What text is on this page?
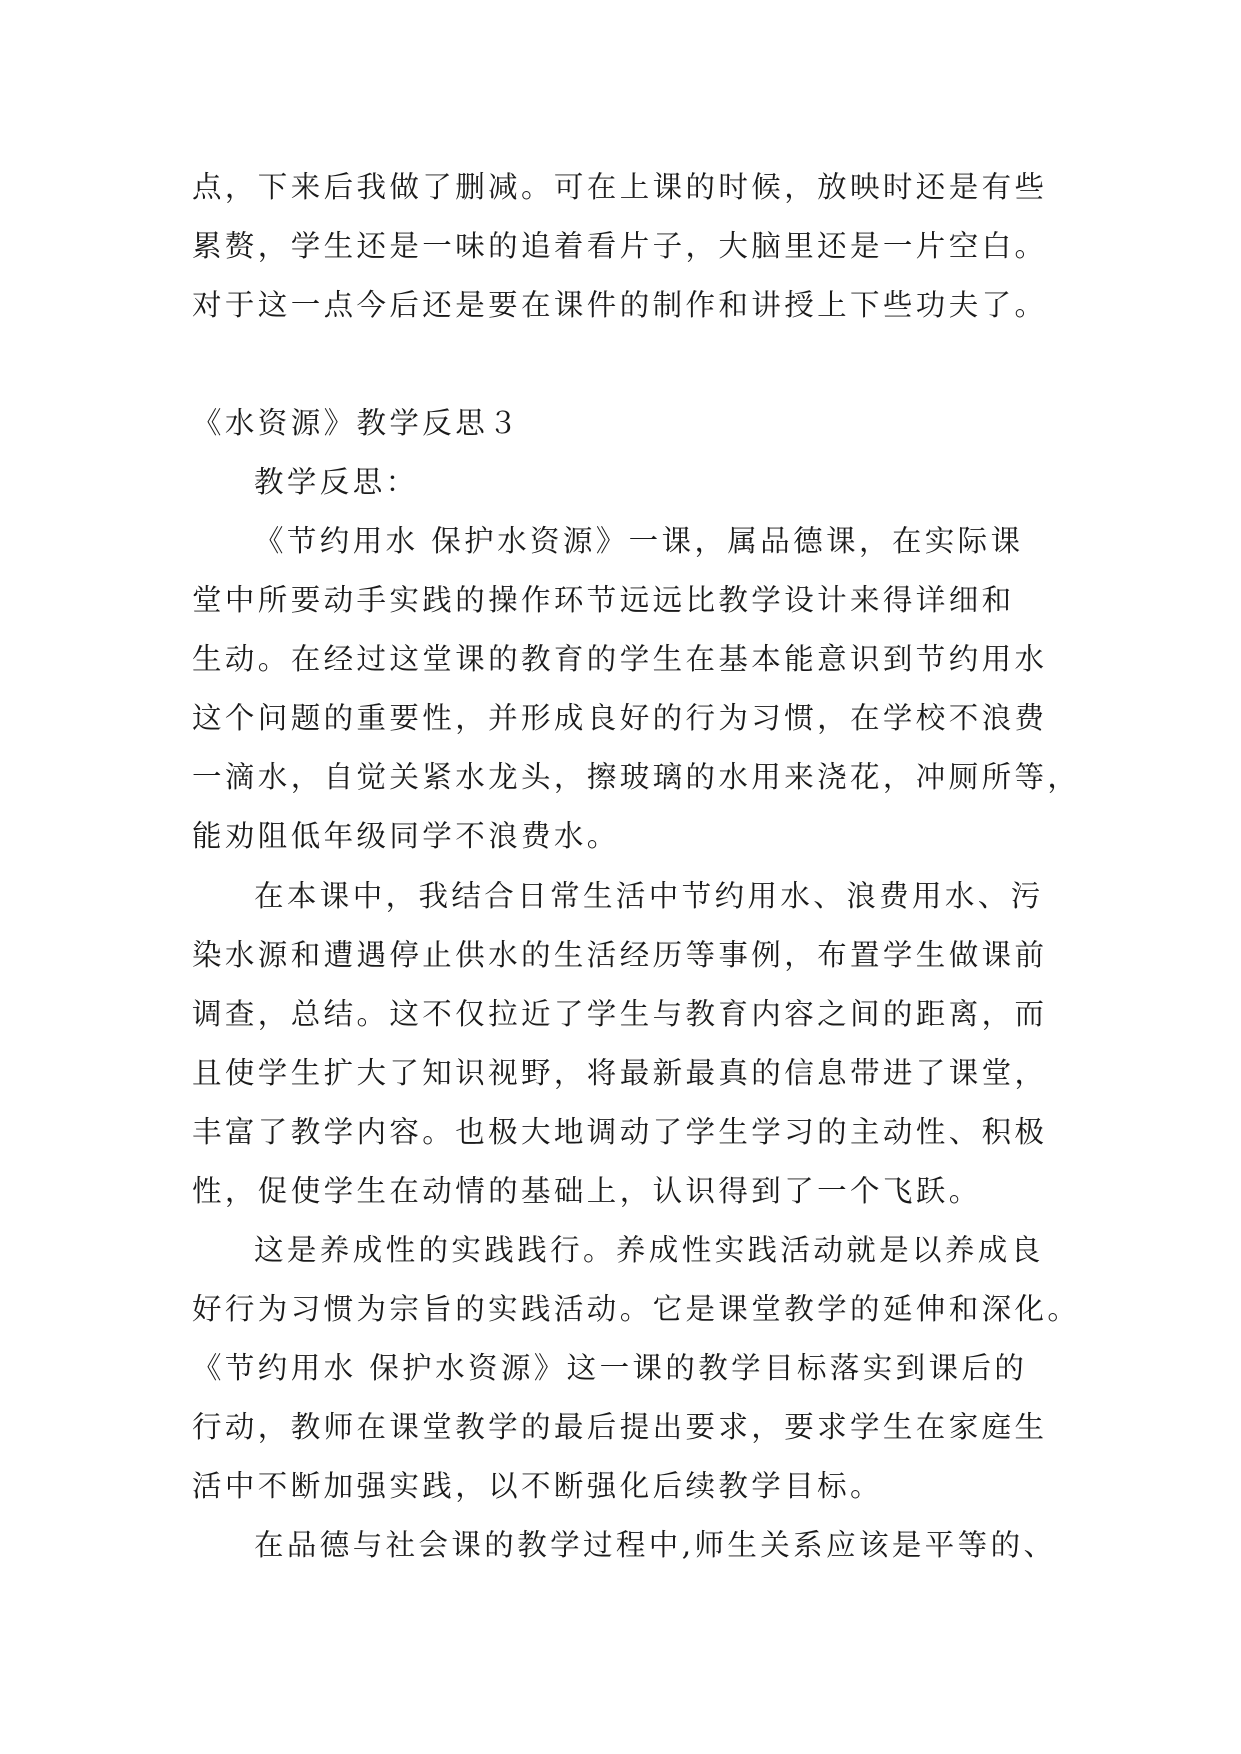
点，下来后我做了删减。可在上课的时候，放映时还是有些
累赘，学生还是一味的追着看片子，大脑里还是一片空白。
对于这一点今后还是要在课件的制作和讲授上下些功夫了。
《水资源》教学反思３
教学反思：
《节约用水 保护水资源》一课，属品德课，在实际课
堂中所要动手实践的操作环节远远比教学设计来得详细和
生动。在经过这堂课的教育的学生在基本能意识到节约用水
这个问题的重要性，并形成良好的行为习惯，在学校不浪费
一滴水，自觉关紧水龙头，擦玻璃的水用来浇花，冲厕所等，
能劝阻低年级同学不浪费水。
在本课中，我结合日常生活中节约用水、浪费用水、污
染水源和遭遇停止供水的生活经历等事例，布置学生做课前
调查，总结。这不仅拉近了学生与教育内容之间的距离，而
且使学生扩大了知识视野，将最新最真的信息带进了课堂，
丰富了教学内容。也极大地调动了学生学习的主动性、积极
性，促使学生在动情的基础上，认识得到了一个飞跃。
这是养成性的实践践行。养成性实践活动就是以养成良
好行为习惯为宗旨的实践活动。它是课堂教学的延伸和深化。
《节约用水 保护水资源》这一课的教学目标落实到课后的
行动，教师在课堂教学的最后提出要求，要求学生在家庭生
活中不断加强实践，以不断强化后续教学目标。
在品德与社会课的教学过程中,师生关系应该是平等的、
